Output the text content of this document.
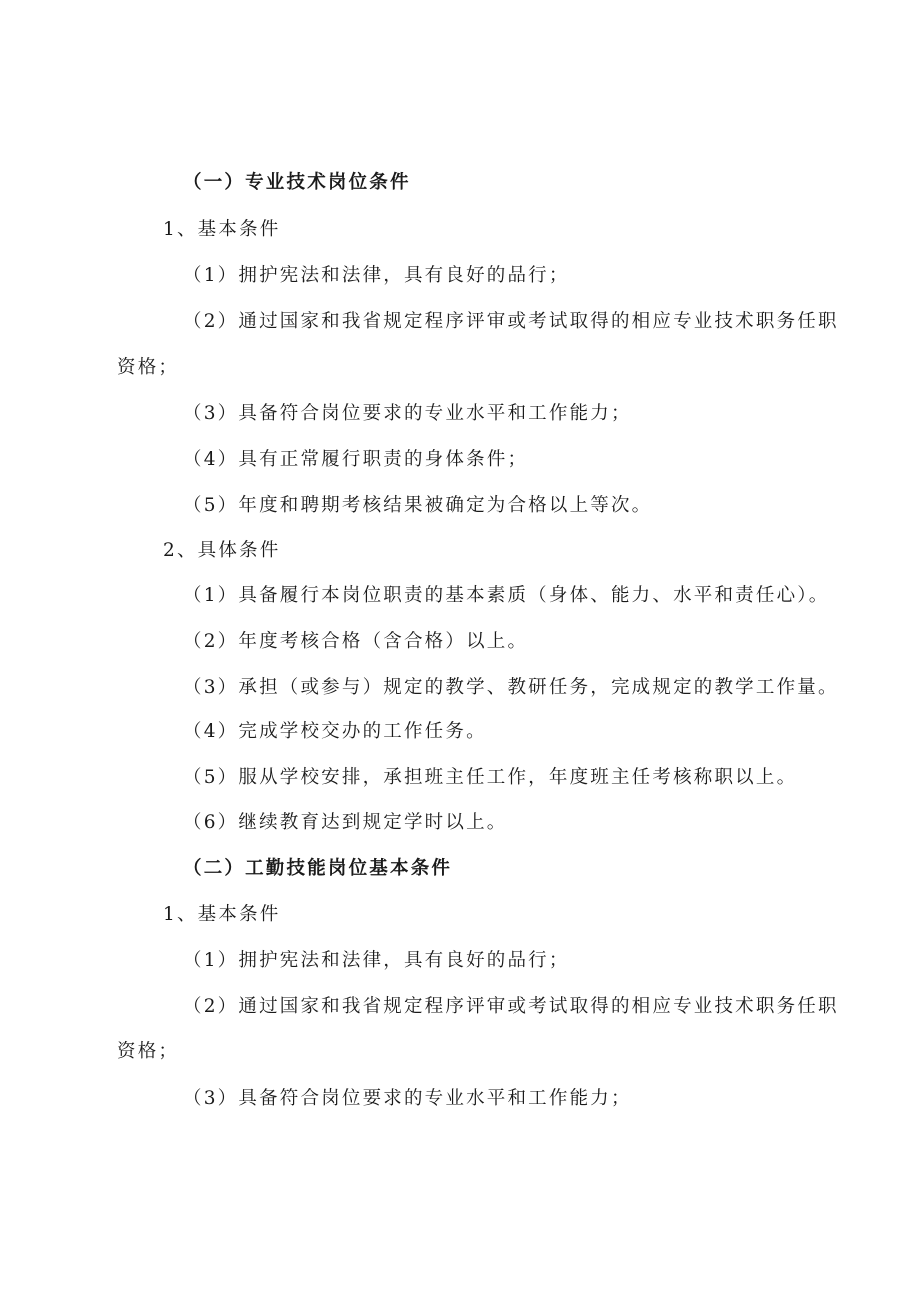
（一）专业技术岗位条件

1、基本条件

（1）拥护宪法和法律，具有良好的品行；

（2）通过国家和我省规定程序评审或考试取得的相应专业技术职务任职

资格；

（3）具备符合岗位要求的专业水平和工作能力；

（4）具有正常履行职责的身体条件；

（5）年度和聘期考核结果被确定为合格以上等次。

2、具体条件

（1）具备履行本岗位职责的基本素质（身体、能力、水平和责任心）。

（2）年度考核合格（含合格）以上。

（3）承担（或参与）规定的教学、教研任务，完成规定的教学工作量。

（4）完成学校交办的工作任务。

（5）服从学校安排，承担班主任工作，年度班主任考核称职以上。

（6）继续教育达到规定学时以上。

（二）工勤技能岗位基本条件

1、基本条件

（1）拥护宪法和法律，具有良好的品行；

（2）通过国家和我省规定程序评审或考试取得的相应专业技术职务任职

资格；

（3）具备符合岗位要求的专业水平和工作能力；
